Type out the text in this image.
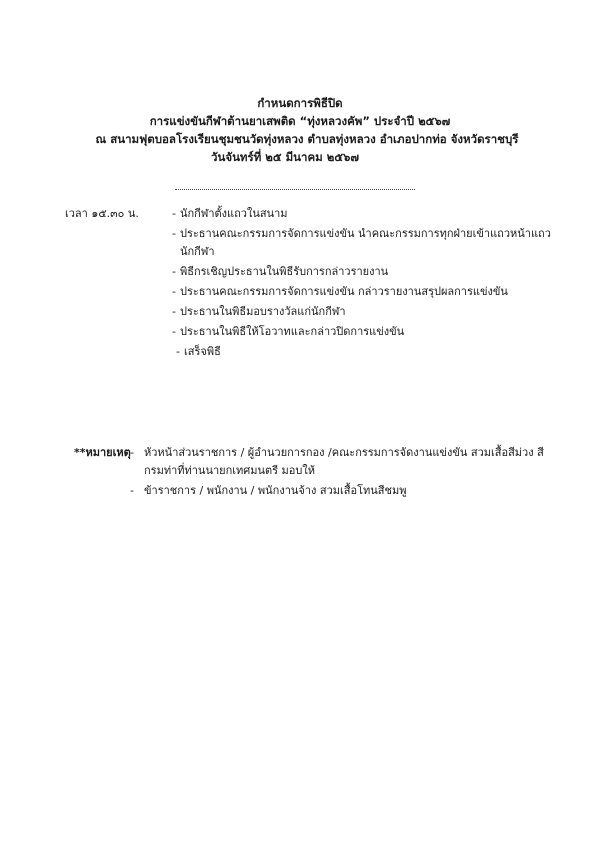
กำหนดการพิธีปิด
การแข่งขันกีฬาต้านยาเสพติด “ทุ่งหลวงคัพ” ประจำปี ๒๕๖๗
ณ สนามฟุตบอลโรงเรียนชุมชนวัดทุ่งหลวง ตำบลทุ่งหลวง อำเภอปากท่อ จังหวัดราชบุรี
วันจันทร์ที่ ๒๕ มีนาคม ๒๕๖๗
เวลา ๑๕.๓๐ น.	- นักกีฬาตั้งแถวในสนาม
- ประธานคณะกรรมการจัดการแข่งขัน นำคณะกรรมการทุกฝ่ายเข้าแถวหน้าแถวนักกีฬา
- พิธีกรเชิญประธานในพิธีรับการกล่าวรายงาน
- ประธานคณะกรรมการจัดการแข่งขัน กล่าวรายงานสรุปผลการแข่งขัน
- ประธานในพิธีมอบรางวัลแก่นักกีฬา
- ประธานในพิธีให้โอวาทและกล่าวปิดการแข่งขัน
- เสร็จพิธี
**หมายเหตุ - หัวหน้าส่วนราชการ / ผู้อำนวยการกอง /คณะกรรมการจัดงานแข่งขัน สวมเสื้อสีม่วง สีกรมท่าที่ท่านนายกเทศมนตรี มอบให้
- ข้าราชการ / พนักงาน / พนักงานจ้าง สวมเสื้อโทนสีชมพู
